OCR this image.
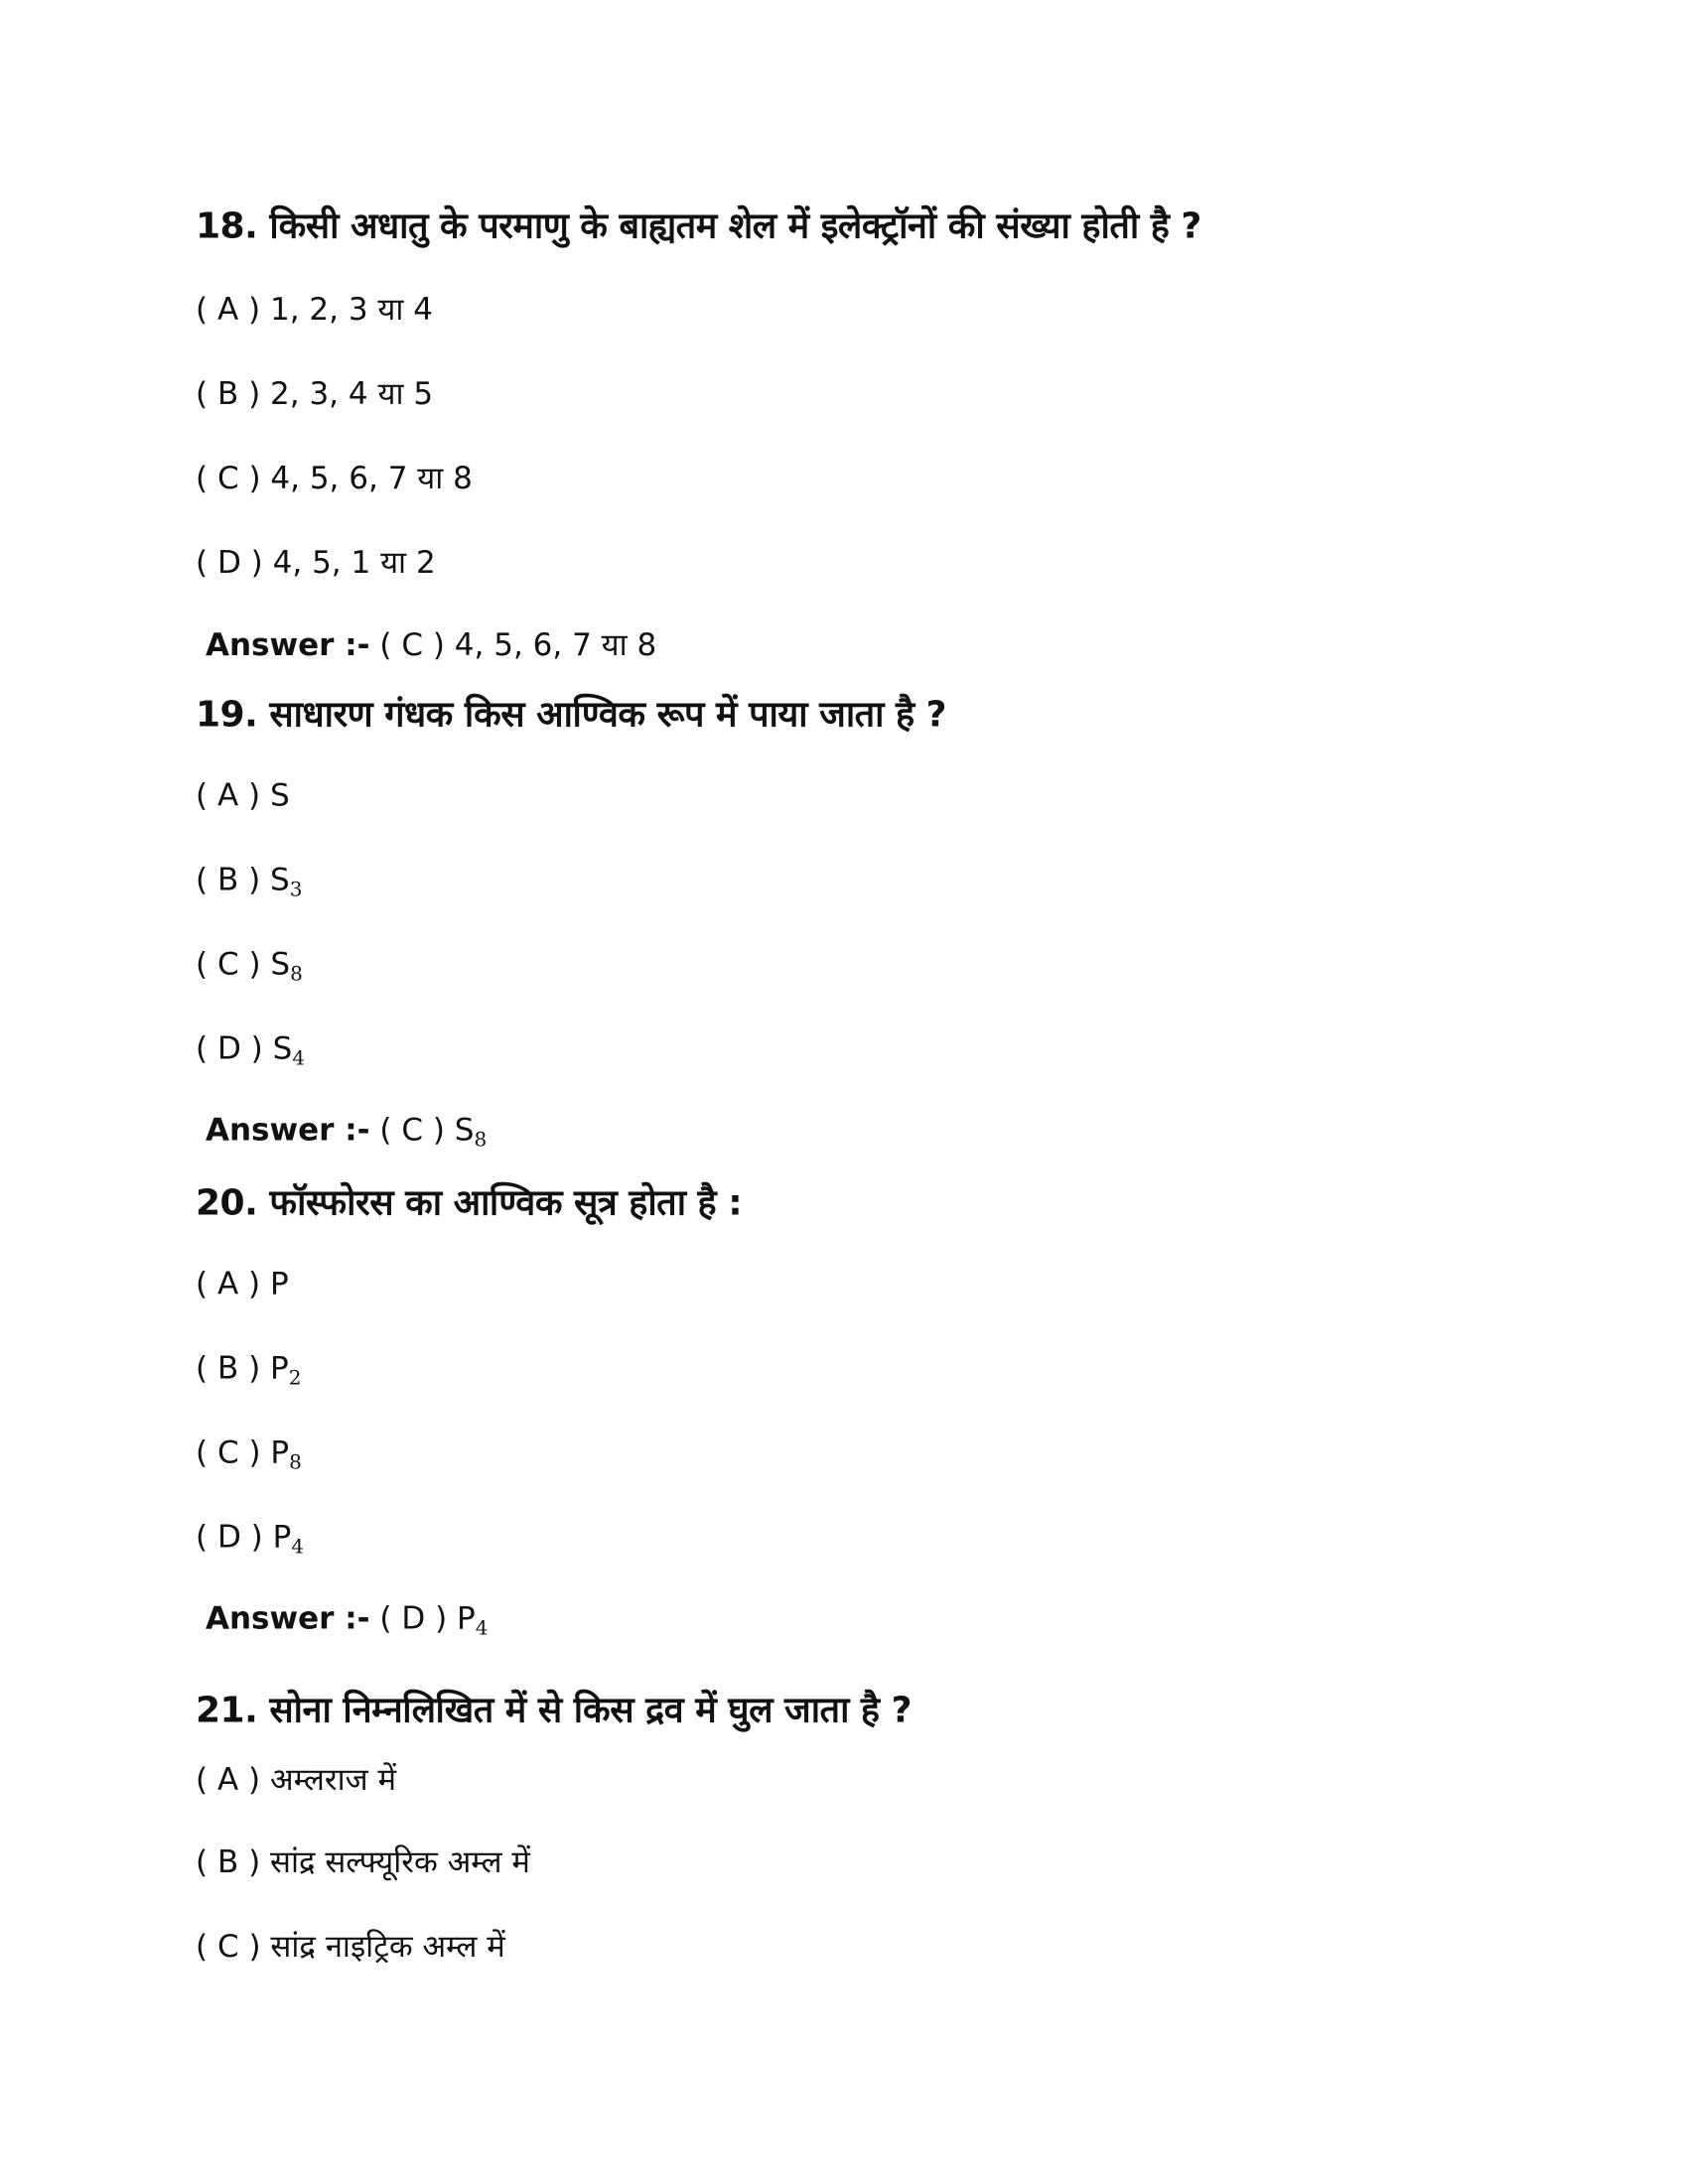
18. किसी अधातु के परमाणु के बाह्यतम शेल में इलेक्ट्रॉनों की संख्या होती है ?
( A ) 1, 2, 3 या 4
( B ) 2, 3, 4 या 5
( C ) 4, 5, 6, 7 या 8
( D ) 4, 5, 1 या 2
Answer :- ( C ) 4, 5, 6, 7 या 8
19. साधारण गंधक किस आण्विक रूप में पाया जाता है ?
( A ) S
( B ) $S_3$
( C ) $S_8$
( D ) $S_4$
Answer :- ( C ) $S_8$
20. फॉस्फोरस का आण्विक सूत्र होता है :
( A ) P
( B ) $P_2$
( C ) $P_8$
( D ) $P_4$
Answer :- ( D ) $P_4$
21. सोना निम्नलिखित में से किस द्रव में घुल जाता है ?
( A ) अम्लराज में
( B ) सांद्र सल्फ्यूरिक अम्ल में
( C ) सांद्र नाइट्रिक अम्ल में
